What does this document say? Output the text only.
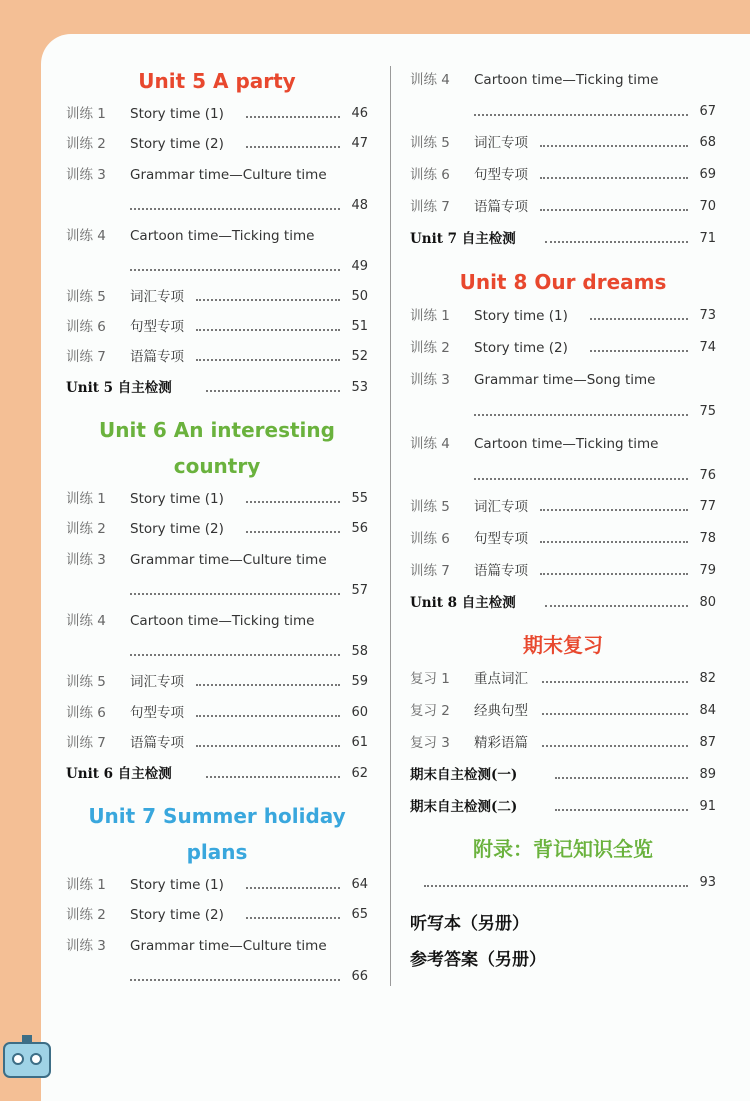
Unit 5 A party
训练 1 Story time (1)	46
训练 2 Story time (2)	47
训练 3 Grammar time—Culture time
48
训练 4 Cartoon time—Ticking time
49
训练 5 词汇专项	50
训练 6 句型专项	51
训练 7 语篇专项	52
Unit 5 自主检测	53
Unit 6 An interesting
country
训练 1 Story time (1)	55
训练 2 Story time (2)	56
训练 3 Grammar time—Culture time
57
训练 4 Cartoon time—Ticking time
58
训练 5 词汇专项	59
训练 6 句型专项	60
训练 7 语篇专项	61
Unit 6 自主检测	62
Unit 7 Summer holiday
plans
训练 1 Story time (1)	64
训练 2 Story time (2)	65
训练 3 Grammar time—Culture time
66
训练 4 Cartoon time—Ticking time
67
训练 5 词汇专项	68
训练 6 句型专项	69
训练 7 语篇专项	70
Unit 7 自主检测	71
Unit 8 Our dreams
训练 1 Story time (1)	73
训练 2 Story time (2)	74
训练 3 Grammar time—Song time
75
训练 4 Cartoon time—Ticking time
76
训练 5 词汇专项	77
训练 6 句型专项	78
训练 7 语篇专项	79
Unit 8 自主检测	80
期末复习
复习 1 重点词汇	82
复习 2 经典句型	84
复习 3 精彩语篇	87
期末自主检测(一)	89
期末自主检测(二)	91
附录：背记知识全览
93
听写本（另册）
参考答案（另册）
